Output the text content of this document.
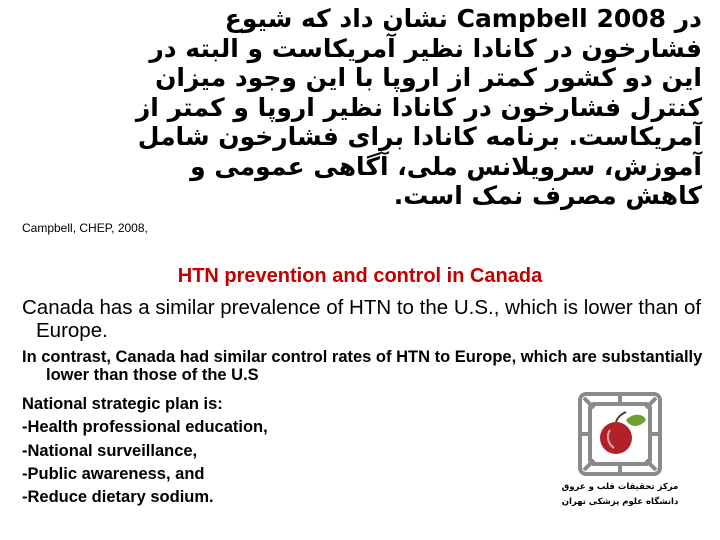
در 2008 Campbell نشان داد که شیوع
فشارخون در کانادا نظیر آمریکاست و البته در
این دو کشور کمتر از اروپا با این وجود میزان
کنترل فشارخون در کانادا نظیر اروپا و کمتر از
آمریکاست. برنامه کانادا برای فشارخون شامل
آموزش، سرویلانس ملی، آگاهی عمومی و
کاهش مصرف نمک است.
Campbell, CHEP, 2008,
HTN prevention and control in Canada
Canada has a similar prevalence of HTN to the U.S., which is lower than of Europe.
In contrast, Canada had similar control rates of HTN to Europe, which are substantially lower than those of the U.S
National strategic plan is:
-Health professional education,
-National surveillance,
-Public awareness, and
-Reduce dietary sodium.
مرکز تحقیقات قلب و عروق
دانشگاه علوم پزشکی تهران
